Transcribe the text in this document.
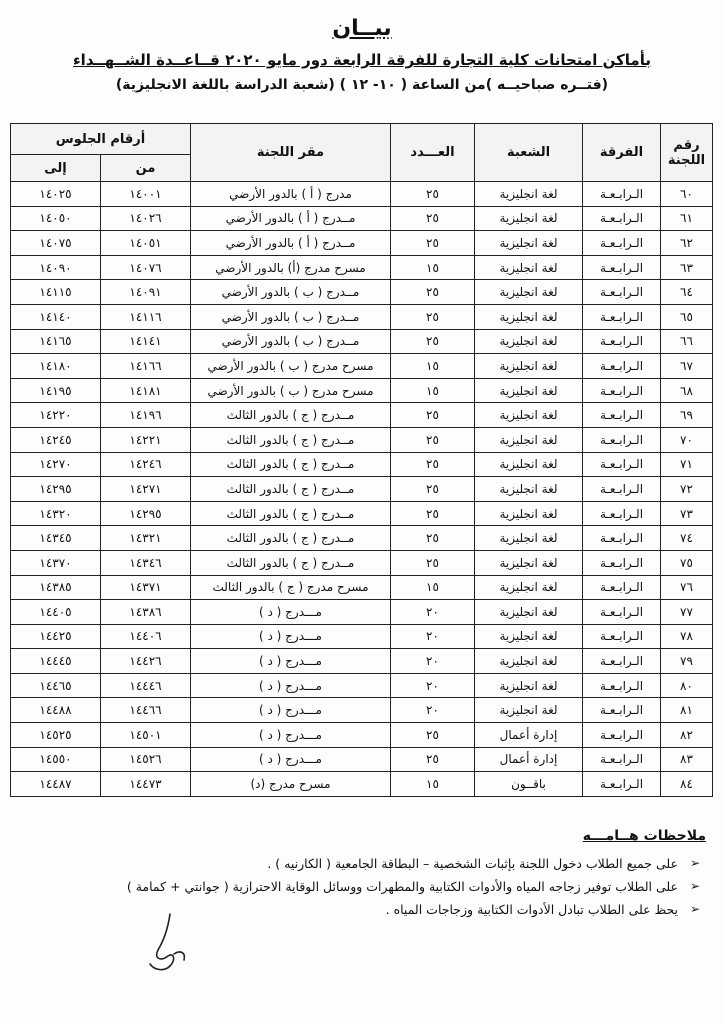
بيــان
بأماكن امتحانات كلية التجارة للفرقة الرابعة دور مايو ٢٠٢٠ قــاعــدة الشــهــداء
(فتــره صباحيــه )من الساعة ( ١٠- ١٢ ) (شعبة الدراسة باللغة الانجليزية)
رقم اللجنة	الفرقة	الشعبة	العـــدد	مقر اللجنة	أرقام الجلوس	
					من	إلى
٦٠	الـرابـعـة	لغة انجليزية	٢٥	مدرج ( أ ) بالدور الأرضي	١٤٠٠١	١٤٠٢٥
٦١	الـرابـعـة	لغة انجليزية	٢٥	مــدرج ( أ ) بالدور الأرضي	١٤٠٢٦	١٤٠٥٠
٦٢	الـرابـعـة	لغة انجليزية	٢٥	مــدرج ( أ ) بالدور الأرضي	١٤٠٥١	١٤٠٧٥
٦٣	الـرابـعـة	لغة انجليزية	١٥	مسرح مدرج (أ) بالدور الأرضي	١٤٠٧٦	١٤٠٩٠
٦٤	الـرابـعـة	لغة انجليزية	٢٥	مــدرج ( ب ) بالدور الأرضي	١٤٠٩١	١٤١١٥
٦٥	الـرابـعـة	لغة انجليزية	٢٥	مــدرج ( ب ) بالدور الأرضي	١٤١١٦	١٤١٤٠
٦٦	الـرابـعـة	لغة انجليزية	٢٥	مــدرج ( ب ) بالدور الأرضي	١٤١٤١	١٤١٦٥
٦٧	الـرابـعـة	لغة انجليزية	١٥	مسرح مدرج ( ب ) بالدور الأرضي	١٤١٦٦	١٤١٨٠
٦٨	الـرابـعـة	لغة انجليزية	١٥	مسرح مدرج ( ب ) بالدور الأرضي	١٤١٨١	١٤١٩٥
٦٩	الـرابـعـة	لغة انجليزية	٢٥	مــدرج ( ج ) بالدور الثالث	١٤١٩٦	١٤٢٢٠
٧٠	الـرابـعـة	لغة انجليزية	٢٥	مــدرج ( ج ) بالدور الثالث	١٤٢٢١	١٤٢٤٥
٧١	الـرابـعـة	لغة انجليزية	٢٥	مــدرج ( ج ) بالدور الثالث	١٤٢٤٦	١٤٢٧٠
٧٢	الـرابـعـة	لغة انجليزية	٢٥	مــدرج ( ج ) بالدور الثالث	١٤٢٧١	١٤٢٩٥
٧٣	الـرابـعـة	لغة انجليزية	٢٥	مــدرج ( ج ) بالدور الثالث	١٤٢٩٥	١٤٣٢٠
٧٤	الـرابـعـة	لغة انجليزية	٢٥	مــدرج ( ج ) بالدور الثالث	١٤٣٢١	١٤٣٤٥
٧٥	الـرابـعـة	لغة انجليزية	٢٥	مــدرج ( ج ) بالدور الثالث	١٤٣٤٦	١٤٣٧٠
٧٦	الـرابـعـة	لغة انجليزية	١٥	مسرح مدرج ( ج ) بالدور الثالث	١٤٣٧١	١٤٣٨٥
٧٧	الـرابـعـة	لغة انجليزية	٢٠	مـــدرج ( د )	١٤٣٨٦	١٤٤٠٥
٧٨	الـرابـعـة	لغة انجليزية	٢٠	مـــدرج ( د )	١٤٤٠٦	١٤٤٢٥
٧٩	الـرابـعـة	لغة انجليزية	٢٠	مـــدرج ( د )	١٤٤٢٦	١٤٤٤٥
٨٠	الـرابـعـة	لغة انجليزية	٢٠	مـــدرج ( د )	١٤٤٤٦	١٤٤٦٥
٨١	الـرابـعـة	لغة انجليزية	٢٠	مـــدرج ( د )	١٤٤٦٦	١٤٤٨٨
٨٢	الـرابـعـة	إدارة أعمال	٢٥	مـــدرج ( د )	١٤٥٠١	١٤٥٢٥
٨٣	الـرابـعـة	إدارة أعمال	٢٥	مـــدرج ( د )	١٤٥٢٦	١٤٥٥٠
٨٤	الـرابـعـة	باقــون	١٥	مسرح مدرج (د)	١٤٤٧٣	١٤٤٨٧
ملاحظات هــامـــه
➢ على جميع الطلاب دخول اللجنة بإثبات الشخصية – البطاقة الجامعية ( الكارنيه ) .
➢ على الطلاب توفير زجاجه المياه والأدوات الكتابية والمطهرات ووسائل الوقاية الاحترازية ( جوانتي + كمامة )
➢ يحظ على الطلاب تبادل الأدوات الكتابية وزجاجات المياه .
